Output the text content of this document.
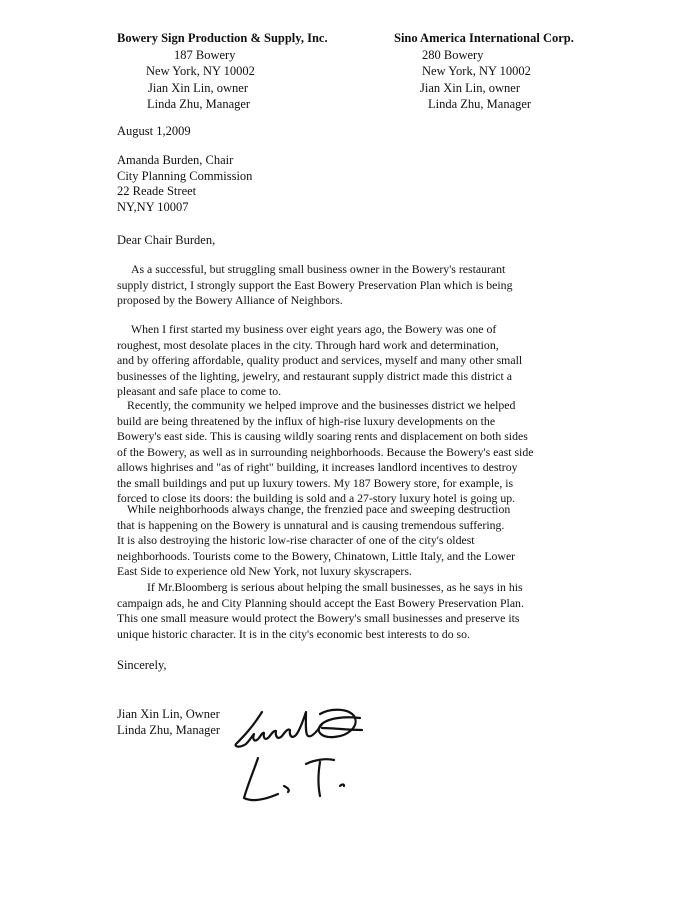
Bowery Sign Production & Supply, Inc.
187 Bowery
New York, NY 10002
Jian Xin Lin, owner
Linda Zhu, Manager
Sino America International Corp.
280 Bowery
New York, NY 10002
Jian Xin Lin, owner
Linda Zhu, Manager
August 1,2009
Amanda Burden, Chair
City Planning Commission
22 Reade Street
NY,NY 10007
Dear Chair Burden,
As a successful, but struggling small business owner in the Bowery's restaurant
supply district, I strongly support the East Bowery Preservation Plan which is being
proposed by the Bowery Alliance of Neighbors.
When I first started my business over eight years ago, the Bowery was one of
roughest, most desolate places in the city. Through hard work and determination,
and by offering affordable, quality product and services, myself and many other small
businesses of the lighting, jewelry, and restaurant supply district made this district a
pleasant and safe place to come to.
Recently, the community we helped improve and the businesses district we helped
build are being threatened by the influx of high-rise luxury developments on the
Bowery's east side. This is causing wildly soaring rents and displacement on both sides
of the Bowery, as well as in surrounding neighborhoods. Because the Bowery's east side
allows highrises and "as of right" building, it increases landlord incentives to destroy
the small buildings and put up luxury towers. My 187 Bowery store, for example, is
forced to close its doors: the building is sold and a 27-story luxury hotel is going up.
While neighborhoods always change, the frenzied pace and sweeping destruction
that is happening on the Bowery is unnatural and is causing tremendous suffering.
It is also destroying the historic low-rise character of one of the city's oldest
neighborhoods. Tourists come to the Bowery, Chinatown, Little Italy, and the Lower
East Side to experience old New York, not luxury skyscrapers.
If Mr.Bloomberg is serious about helping the small businesses, as he says in his
campaign ads, he and City Planning should accept the East Bowery Preservation Plan.
This one small measure would protect the Bowery's small businesses and preserve its
unique historic character. It is in the city's economic best interests to do so.
Sincerely,
Jian Xin Lin, Owner
Linda Zhu, Manager
